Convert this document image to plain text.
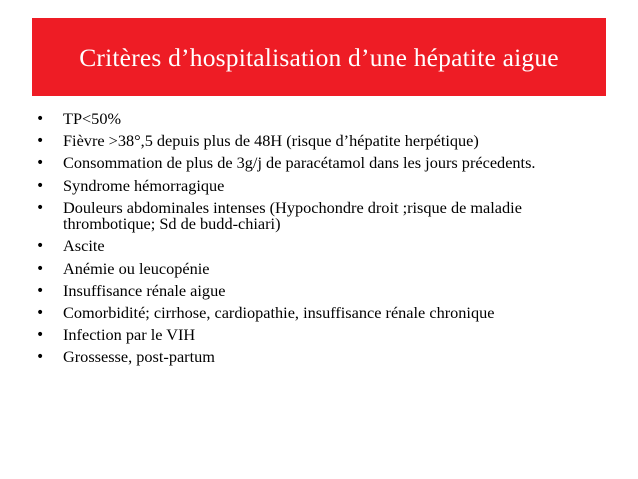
Critères d’hospitalisation d’une hépatite aigue
•	TP<50%
•	Fièvre >38°,5 depuis plus de 48H (risque d’hépatite herpétique)
•	Consommation de plus de 3g/j de paracétamol dans les jours précedents.
•	Syndrome hémorragique
•	Douleurs abdominales intenses (Hypochondre droit ;risque de maladie thrombotique; Sd de budd-chiari)
•	Ascite
•	Anémie ou leucopénie
•	Insuffisance rénale aigue
•	Comorbidité; cirrhose, cardiopathie, insuffisance rénale chronique
•	Infection par le VIH
•	Grossesse, post-partum
